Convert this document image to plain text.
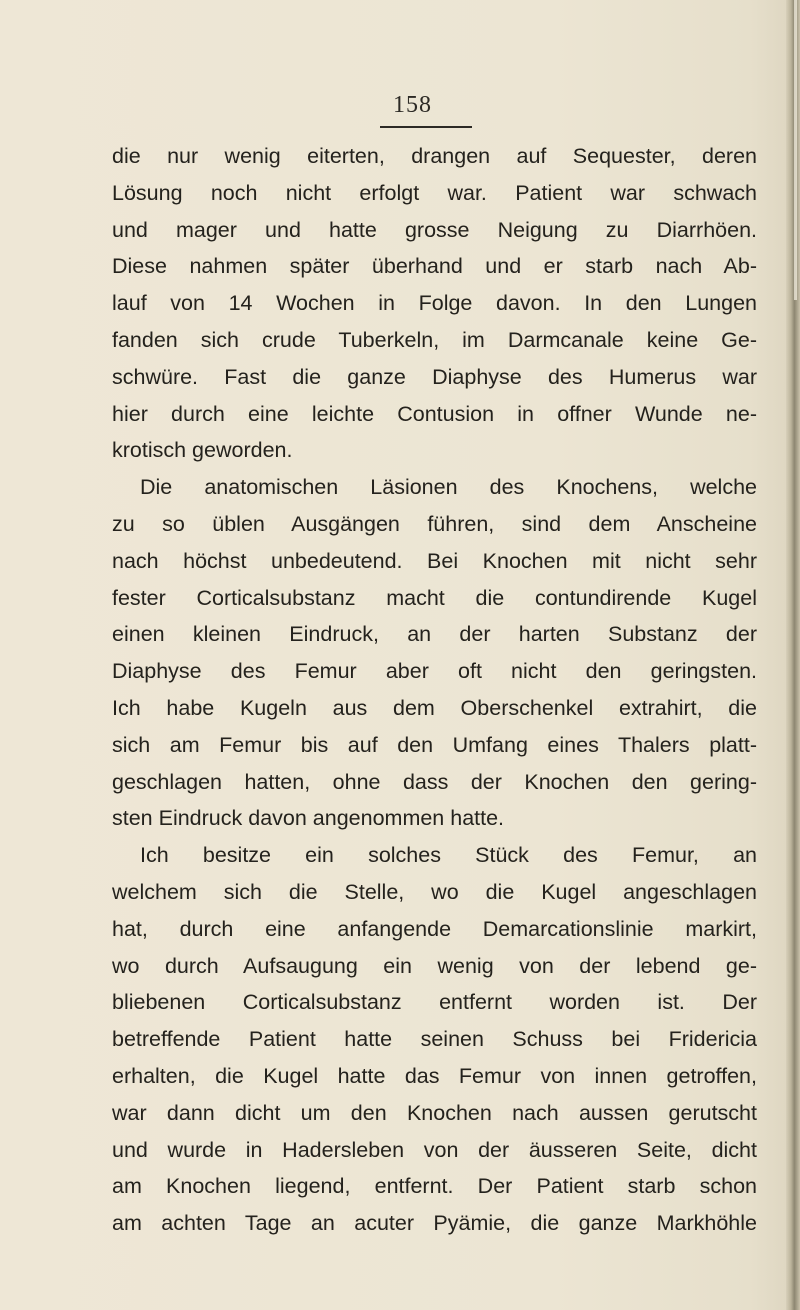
158
die nur wenig eiterten, drangen auf Sequester, deren
Lösung noch nicht erfolgt war. Patient war schwach
und mager und hatte grosse Neigung zu Diarrhöen.
Diese nahmen später überhand und er starb nach Ab-
lauf von 14 Wochen in Folge davon. In den Lungen
fanden sich crude Tuberkeln, im Darmcanale keine Ge-
schwüre. Fast die ganze Diaphyse des Humerus war
hier durch eine leichte Contusion in offner Wunde ne-
krotisch geworden.
Die anatomischen Läsionen des Knochens, welche
zu so üblen Ausgängen führen, sind dem Anscheine
nach höchst unbedeutend. Bei Knochen mit nicht sehr
fester Corticalsubstanz macht die contundirende Kugel
einen kleinen Eindruck, an der harten Substanz der
Diaphyse des Femur aber oft nicht den geringsten.
Ich habe Kugeln aus dem Oberschenkel extrahirt, die
sich am Femur bis auf den Umfang eines Thalers platt-
geschlagen hatten, ohne dass der Knochen den gering-
sten Eindruck davon angenommen hatte.
Ich besitze ein solches Stück des Femur, an
welchem sich die Stelle, wo die Kugel angeschlagen
hat, durch eine anfangende Demarcationslinie markirt,
wo durch Aufsaugung ein wenig von der lebend ge-
bliebenen Corticalsubstanz entfernt worden ist. Der
betreffende Patient hatte seinen Schuss bei Fridericia
erhalten, die Kugel hatte das Femur von innen getroffen,
war dann dicht um den Knochen nach aussen gerutscht
und wurde in Hadersleben von der äusseren Seite, dicht
am Knochen liegend, entfernt. Der Patient starb schon
am achten Tage an acuter Pyämie, die ganze Markhöhle
